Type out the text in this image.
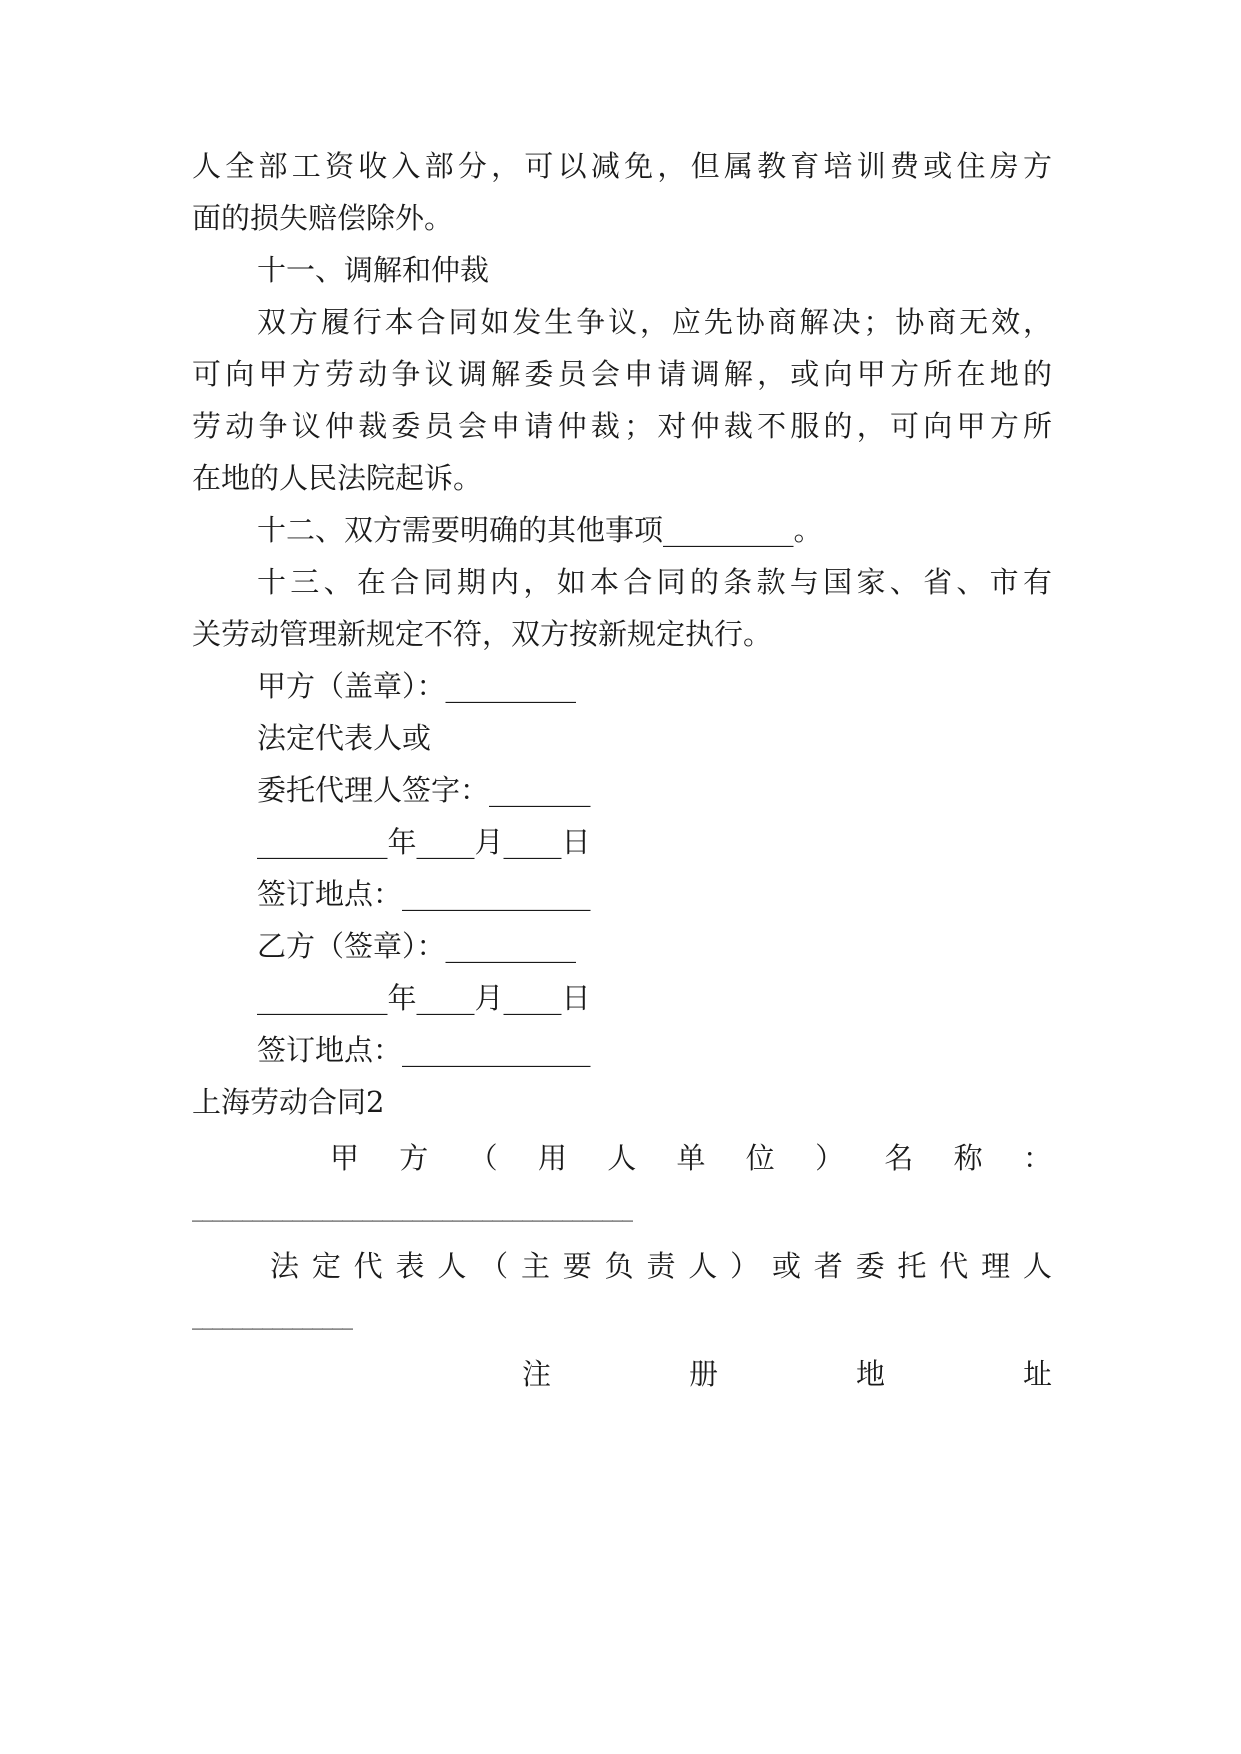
人全部工资收入部分，可以减免，但属教育培训费或住房方
面的损失赔偿除外。
十一、调解和仲裁
双方履行本合同如发生争议，应先协商解决；协商无效，
可向甲方劳动争议调解委员会申请调解，或向甲方所在地的
劳动争议仲裁委员会申请仲裁；对仲裁不服的，可向甲方所
在地的人民法院起诉。
十二、双方需要明确的其他事项_________。
十三、在合同期内，如本合同的条款与国家、省、市有
关劳动管理新规定不符，双方按新规定执行。
甲方（盖章）：_________
法定代表人或
委托代理人签字：_______
_________年____月____日
签订地点：_____________
乙方（签章）：_________
_________年____月____日
签订地点：_____________
上海劳动合同2
甲 方 （ 用 人 单 位 ） 名 称 ：
____________________________________________
法 定 代 表 人 （ 主 要 负 责 人 ） 或 者 委 托 代 理 人
________________
注	册	地	址
